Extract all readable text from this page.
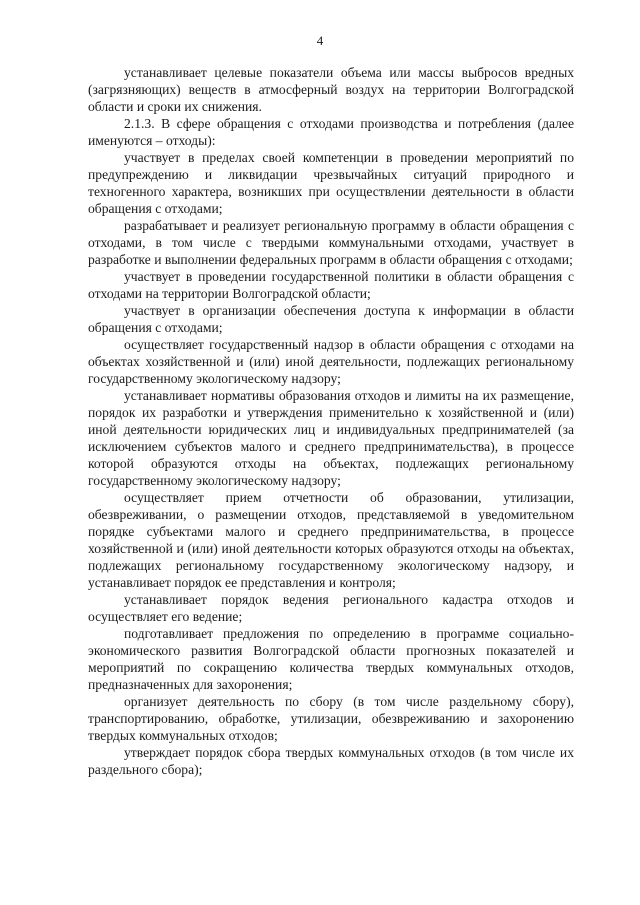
4

устанавливает целевые показатели объема или массы выбросов вредных (загрязняющих) веществ в атмосферный воздух на территории Волгоградской области и сроки их снижения.

2.1.3. В сфере обращения с отходами производства и потребления (далее именуются – отходы):

участвует в пределах своей компетенции в проведении мероприятий по предупреждению и ликвидации чрезвычайных ситуаций природного и техногенного характера, возникших при осуществлении деятельности в области обращения с отходами;

разрабатывает и реализует региональную программу в области обращения с отходами, в том числе с твердыми коммунальными отходами, участвует в разработке и выполнении федеральных программ в области обращения с отходами;

участвует в проведении государственной политики в области обращения с отходами на территории Волгоградской области;

участвует в организации обеспечения доступа к информации в области обращения с отходами;

осуществляет государственный надзор в области обращения с отходами на объектах хозяйственной и (или) иной деятельности, подлежащих региональному государственному экологическому надзору;

устанавливает нормативы образования отходов и лимиты на их размещение, порядок их разработки и утверждения применительно к хозяйственной и (или) иной деятельности юридических лиц и индивидуальных предпринимателей (за исключением субъектов малого и среднего предпринимательства), в процессе которой образуются отходы на объектах, подлежащих региональному государственному экологическому надзору;

осуществляет прием отчетности об образовании, утилизации, обезвреживании, о размещении отходов, представляемой в уведомительном порядке субъектами малого и среднего предпринимательства, в процессе хозяйственной и (или) иной деятельности которых образуются отходы на объектах, подлежащих региональному государственному экологическому надзору, и устанавливает порядок ее представления и контроля;

устанавливает порядок ведения регионального кадастра отходов и осуществляет его ведение;

подготавливает предложения по определению в программе социально-экономического развития Волгоградской области прогнозных показателей и мероприятий по сокращению количества твердых коммунальных отходов, предназначенных для захоронения;

организует деятельность по сбору (в том числе раздельному сбору), транспортированию, обработке, утилизации, обезвреживанию и захоронению твердых коммунальных отходов;

утверждает порядок сбора твердых коммунальных отходов (в том числе их раздельного сбора);
